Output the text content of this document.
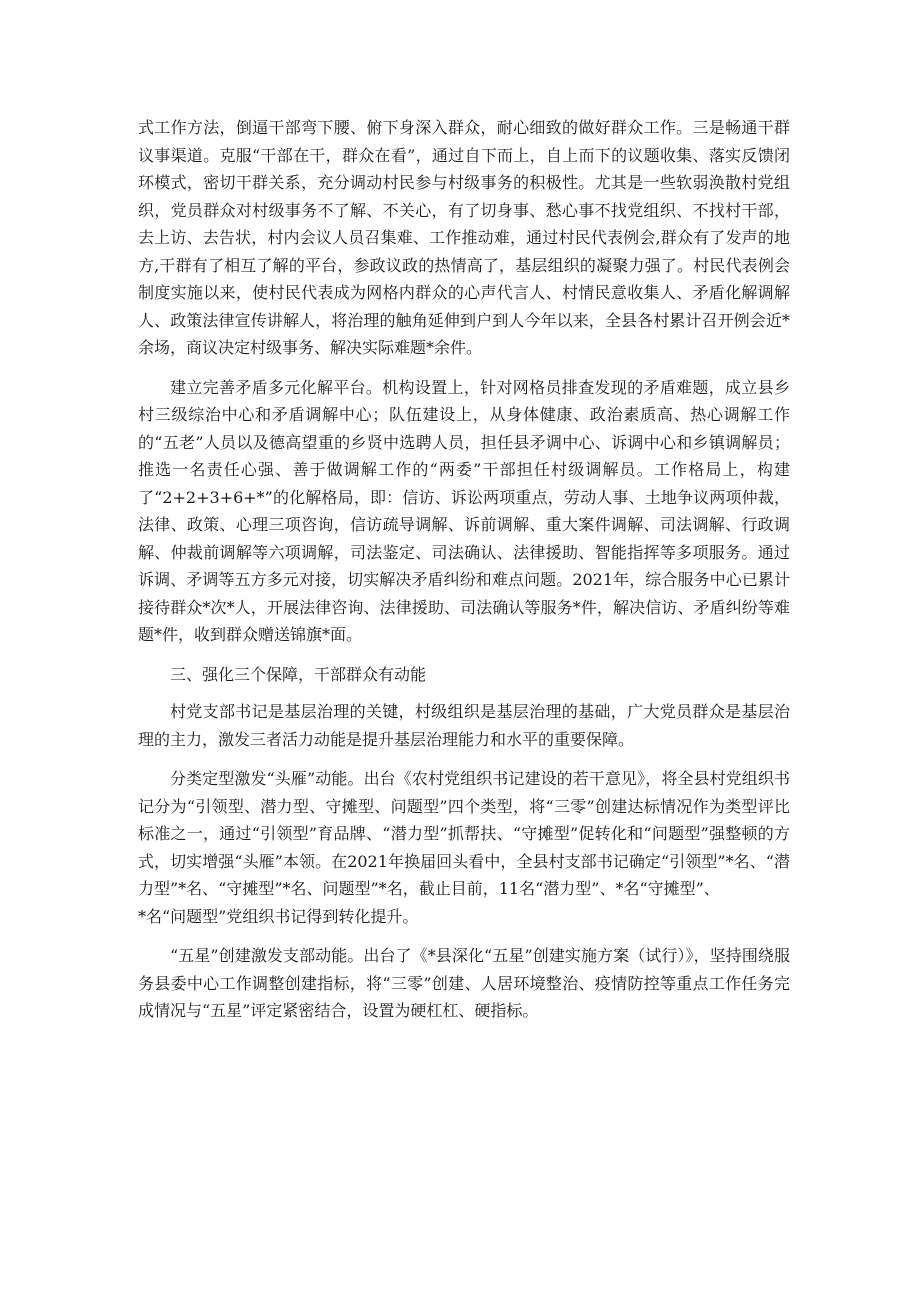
式工作方法，倒逼干部弯下腰、俯下身深入群众，耐心细致的做好群众工作。三是畅通干群议事渠道。克服“干部在干，群众在看”，通过自下而上，自上而下的议题收集、落实反馈闭环模式，密切干群关系，充分调动村民参与村级事务的积极性。尤其是一些软弱涣散村党组织，党员群众对村级事务不了解、不关心，有了切身事、愁心事不找党组织、不找村干部，去上访、去告状，村内会议人员召集难、工作推动难，通过村民代表例会,群众有了发声的地方,干群有了相互了解的平台，参政议政的热情高了，基层组织的凝聚力强了。村民代表例会制度实施以来，使村民代表成为网格内群众的心声代言人、村情民意收集人、矛盾化解调解人、政策法律宣传讲解人，将治理的触角延伸到户到人今年以来，全县各村累计召开例会近*余场，商议决定村级事务、解决实际难题*余件。

建立完善矛盾多元化解平台。机构设置上，针对网格员排查发现的矛盾难题，成立县乡村三级综治中心和矛盾调解中心；队伍建设上，从身体健康、政治素质高、热心调解工作的“五老”人员以及德高望重的乡贤中选聘人员，担任县矛调中心、诉调中心和乡镇调解员；推选一名责任心强、善于做调解工作的“两委”干部担任村级调解员。工作格局上，构建了“2+2+3+6+*”的化解格局，即：信访、诉讼两项重点，劳动人事、土地争议两项仲裁，法律、政策、心理三项咨询，信访疏导调解、诉前调解、重大案件调解、司法调解、行政调解、仲裁前调解等六项调解，司法鉴定、司法确认、法律援助、智能指挥等多项服务。通过诉调、矛调等五方多元对接，切实解决矛盾纠纷和难点问题。2021年，综合服务中心已累计接待群众*次*人，开展法律咨询、法律援助、司法确认等服务*件，解决信访、矛盾纠纷等难题*件，收到群众赠送锦旗*面。

三、强化三个保障，干部群众有动能

村党支部书记是基层治理的关键，村级组织是基层治理的基础，广大党员群众是基层治理的主力，激发三者活力动能是提升基层治理能力和水平的重要保障。

分类定型激发“头雁”动能。出台《农村党组织书记建设的若干意见》，将全县村党组织书记分为“引领型、潜力型、守摊型、问题型”四个类型，将“三零”创建达标情况作为类型评比标准之一，通过“引领型”育品牌、“潜力型”抓帮扶、“守摊型”促转化和“问题型”强整顿的方式，切实增强“头雁”本领。在2021年换届回头看中，全县村支部书记确定“引领型”*名、“潜力型”*名、“守摊型”*名、问题型”*名，截止目前，11名“潜力型”、*名“守摊型”、

*名“问题型”党组织书记得到转化提升。

“五星”创建激发支部动能。出台了《*县深化“五星”创建实施方案（试行）》，坚持围绕服务县委中心工作调整创建指标，将“三零”创建、人居环境整治、疫情防控等重点工作任务完成情况与“五星”评定紧密结合，设置为硬杠杠、硬指标。
